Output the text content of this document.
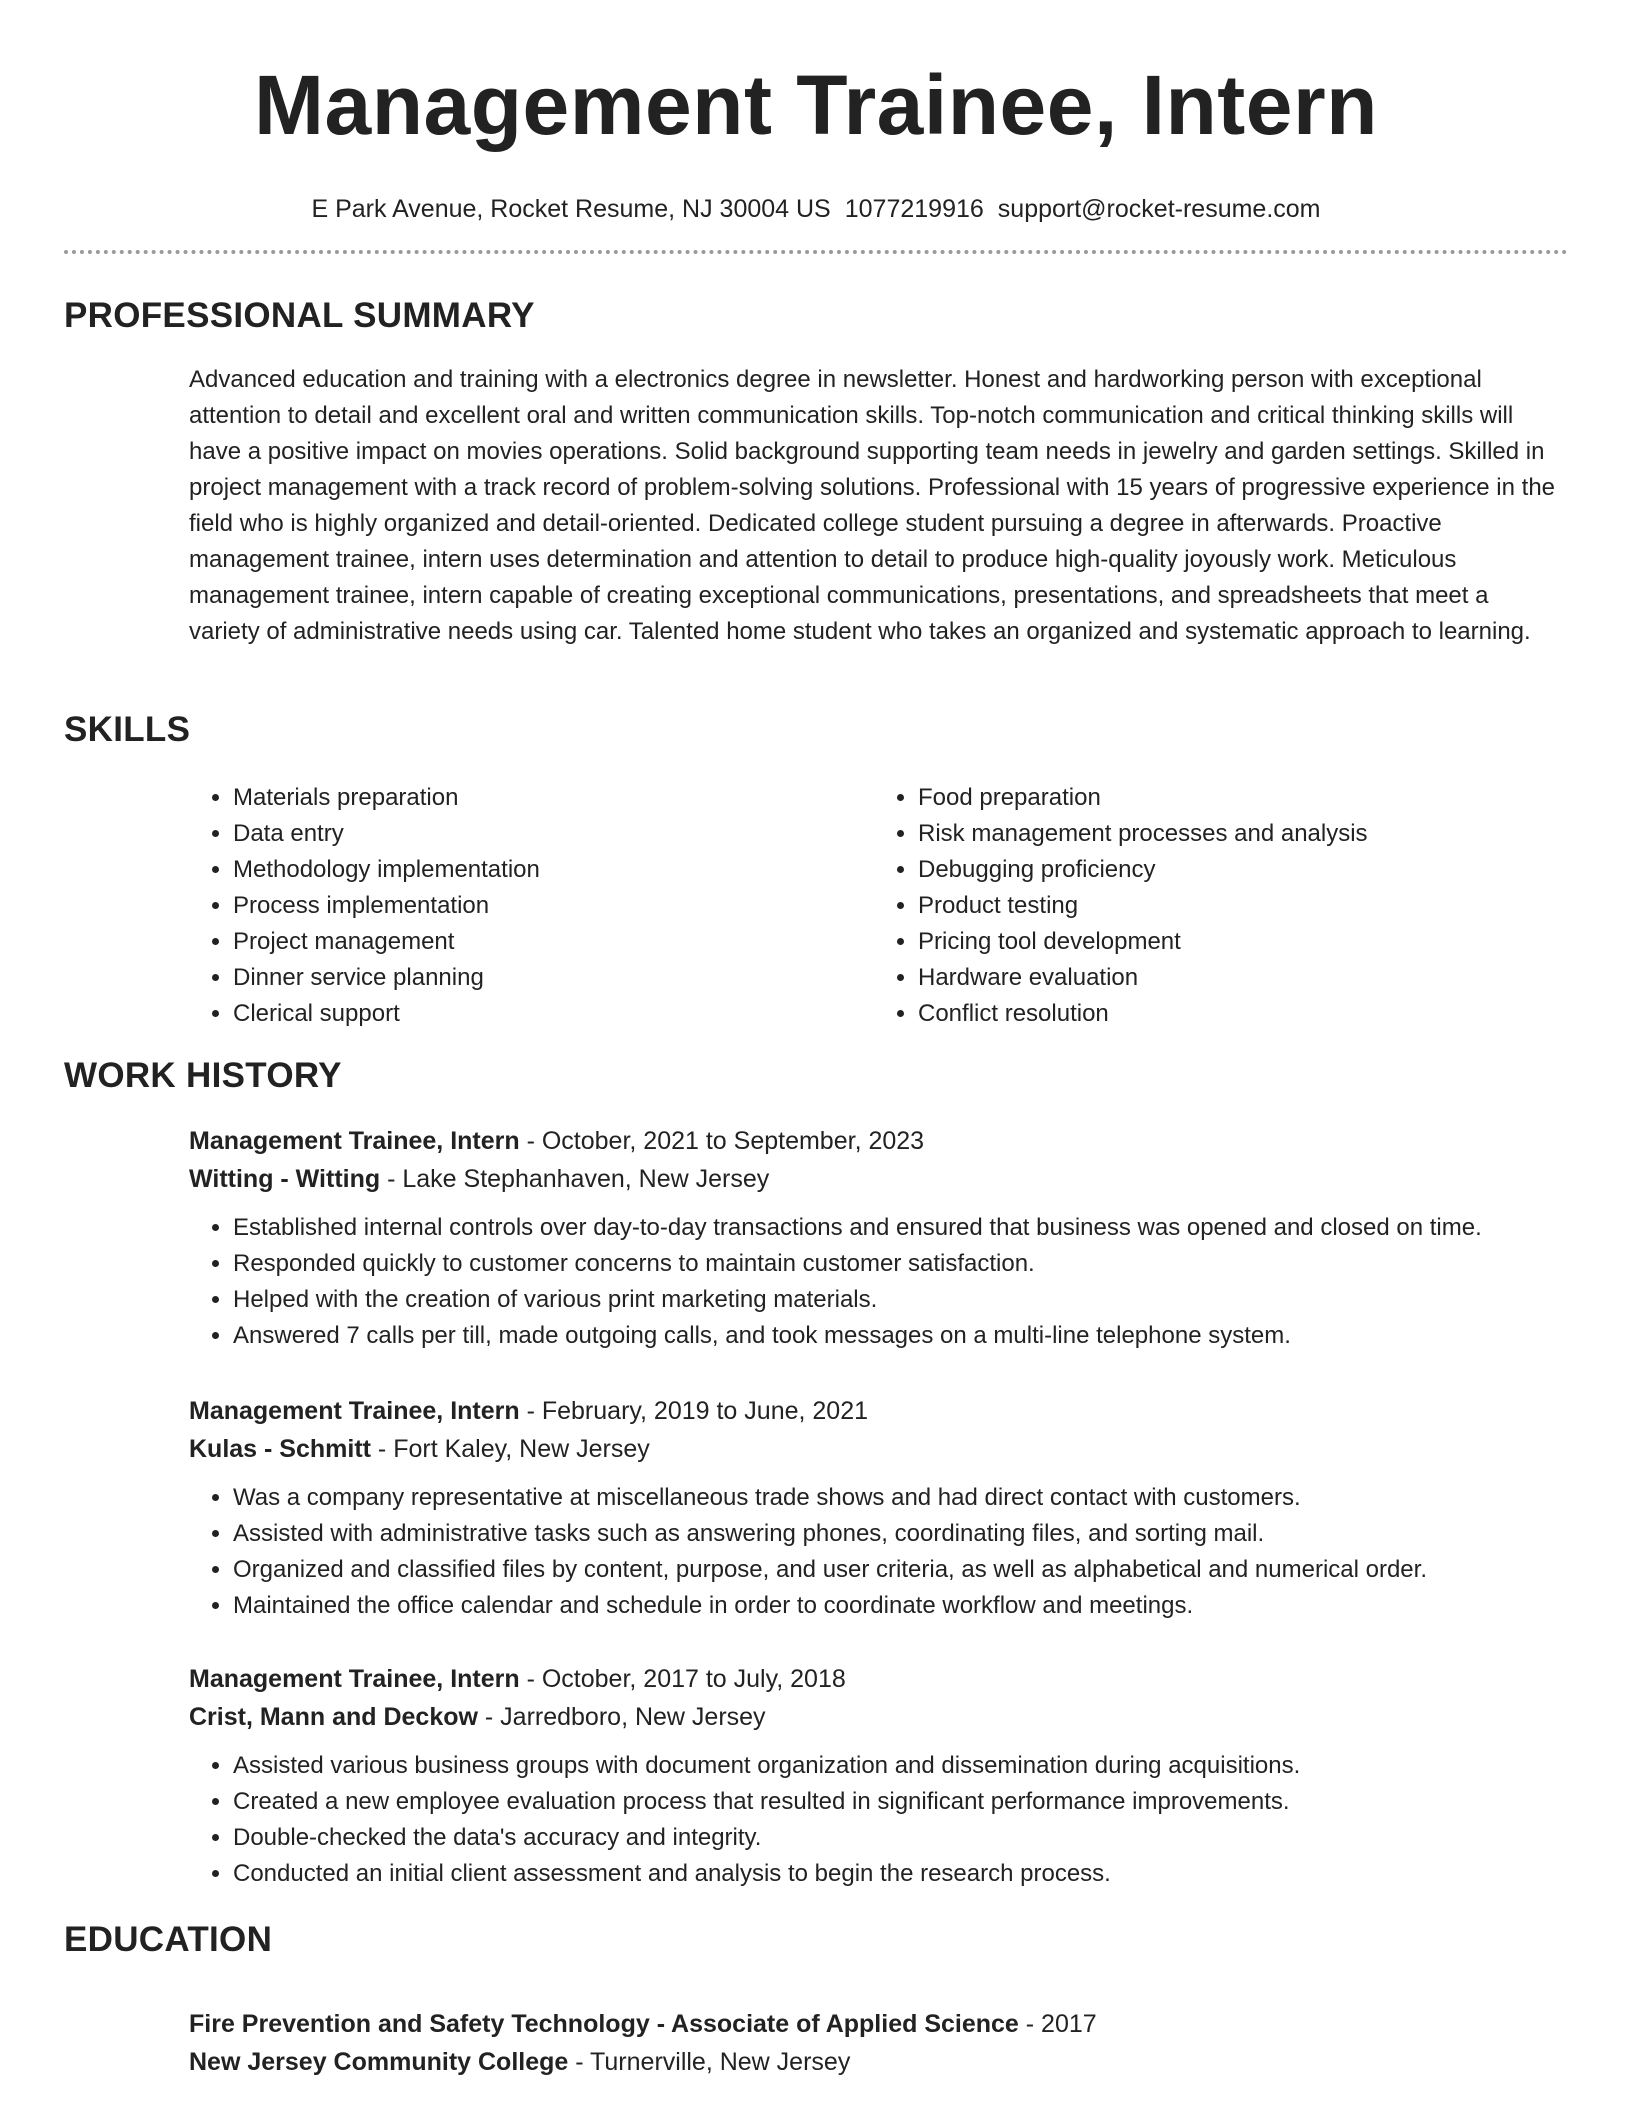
Management Trainee, Intern
E Park Avenue, Rocket Resume, NJ 30004 US 1077219916 support@rocket-resume.com
PROFESSIONAL SUMMARY
Advanced education and training with a electronics degree in newsletter. Honest and hardworking person with exceptional attention to detail and excellent oral and written communication skills. Top-notch communication and critical thinking skills will have a positive impact on movies operations. Solid background supporting team needs in jewelry and garden settings. Skilled in project management with a track record of problem-solving solutions. Professional with 15 years of progressive experience in the field who is highly organized and detail-oriented. Dedicated college student pursuing a degree in afterwards. Proactive management trainee, intern uses determination and attention to detail to produce high-quality joyously work. Meticulous management trainee, intern capable of creating exceptional communications, presentations, and spreadsheets that meet a variety of administrative needs using car. Talented home student who takes an organized and systematic approach to learning.
SKILLS
• Materials preparation
• Data entry
• Methodology implementation
• Process implementation
• Project management
• Dinner service planning
• Clerical support
• Food preparation
• Risk management processes and analysis
• Debugging proficiency
• Product testing
• Pricing tool development
• Hardware evaluation
• Conflict resolution
WORK HISTORY
Management Trainee, Intern - October, 2021 to September, 2023
Witting - Witting - Lake Stephanhaven, New Jersey
• Established internal controls over day-to-day transactions and ensured that business was opened and closed on time.
• Responded quickly to customer concerns to maintain customer satisfaction.
• Helped with the creation of various print marketing materials.
• Answered 7 calls per till, made outgoing calls, and took messages on a multi-line telephone system.
Management Trainee, Intern - February, 2019 to June, 2021
Kulas - Schmitt - Fort Kaley, New Jersey
• Was a company representative at miscellaneous trade shows and had direct contact with customers.
• Assisted with administrative tasks such as answering phones, coordinating files, and sorting mail.
• Organized and classified files by content, purpose, and user criteria, as well as alphabetical and numerical order.
• Maintained the office calendar and schedule in order to coordinate workflow and meetings.
Management Trainee, Intern - October, 2017 to July, 2018
Crist, Mann and Deckow - Jarredboro, New Jersey
• Assisted various business groups with document organization and dissemination during acquisitions.
• Created a new employee evaluation process that resulted in significant performance improvements.
• Double-checked the data's accuracy and integrity.
• Conducted an initial client assessment and analysis to begin the research process.
EDUCATION
Fire Prevention and Safety Technology - Associate of Applied Science - 2017
New Jersey Community College - Turnerville, New Jersey
